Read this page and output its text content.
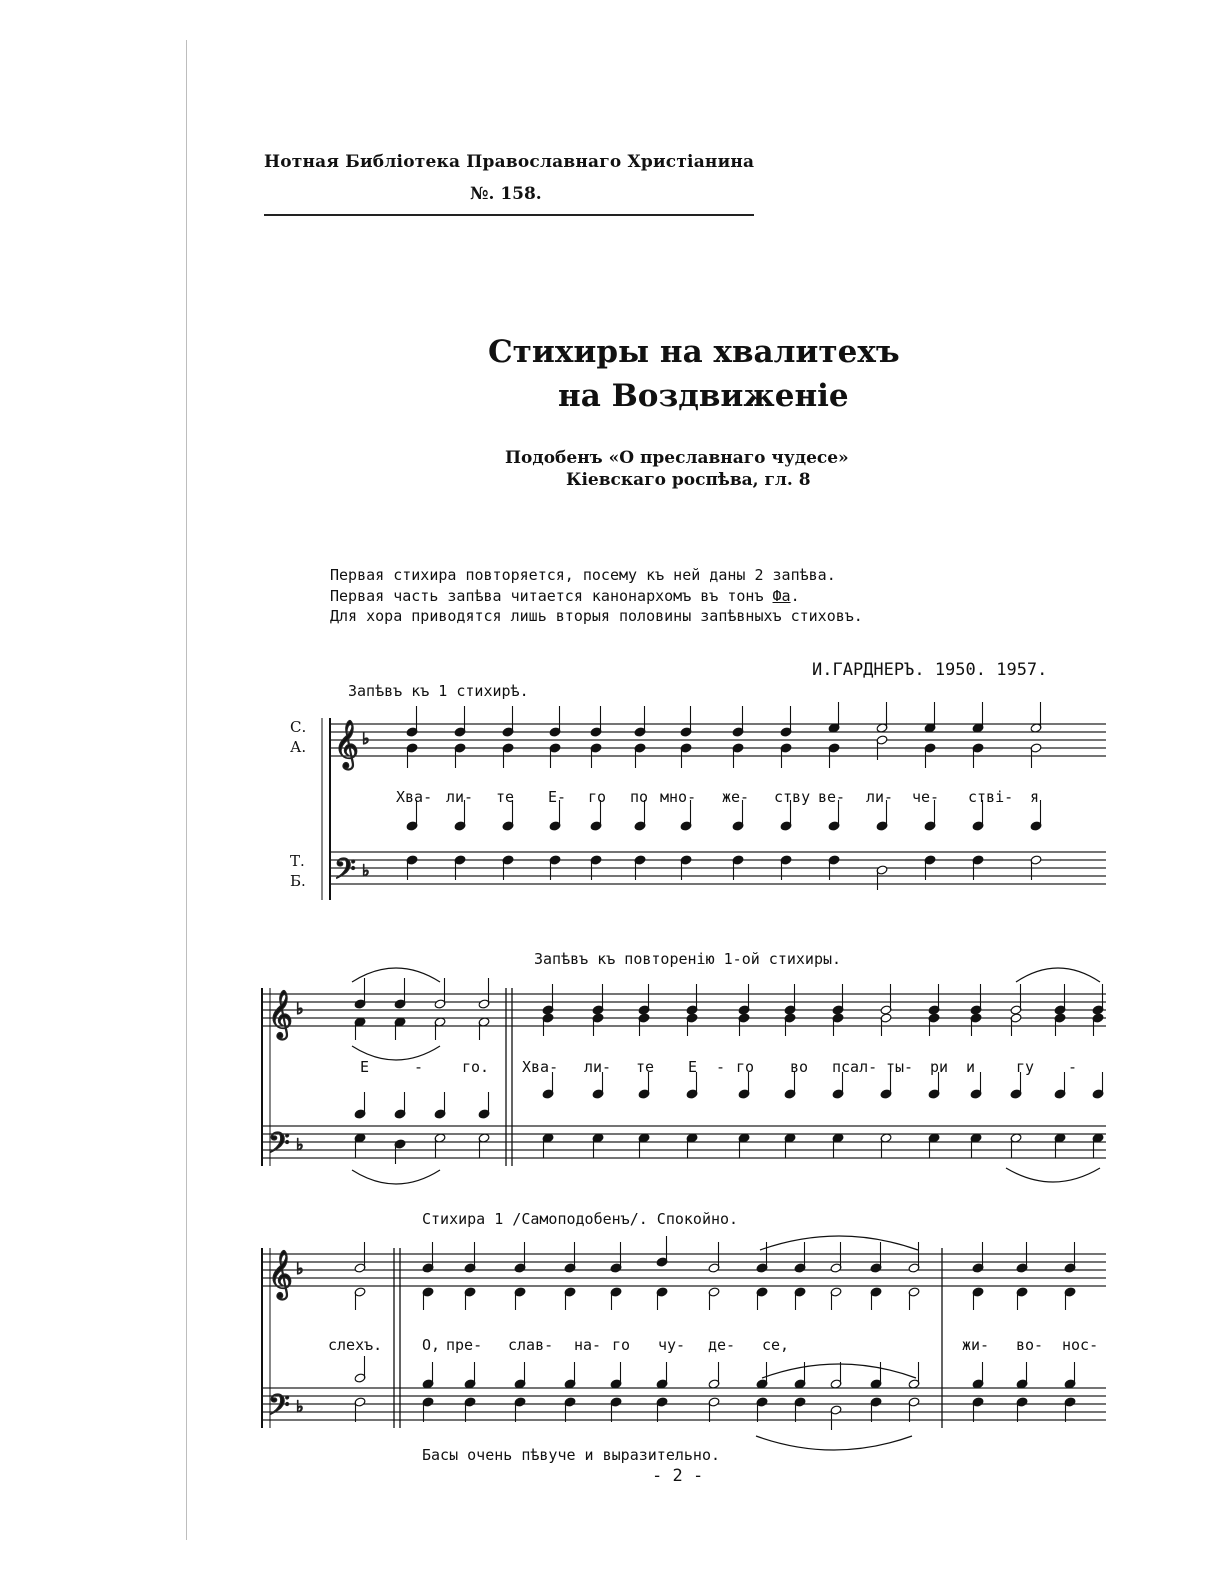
Нотная Библіотека Православнаго Христіанина
№. 158.
Стихиры на хвалитехъ
на Воздвиженіе
Подобенъ «О преславнаго чудесе»
Кіевскаго роспѣва, гл. 8
Первая стихира повторяется, посему къ ней даны 2 запѣва.
Первая часть запѣва читается канонархомъ въ тонъ Фа.
Для хора приводятся лишь вторыя половины запѣвныхъ стиховъ.
И.ГАРДНЕРЪ. 1950. 1957.
Запѣвъ къ 1 стихирѣ.
Запѣвъ къ повторенію 1-ой стихиры.
Стихира 1 /Самоподобенъ/. Спокойно.
С.
А.
Т.
Б.
𝄞
𝄢
♭
♭
𝄞
𝄢
♭
♭
𝄞
𝄢
♭
♭
Хва- ли- те Е- го по мно- же- ству ве- ли- че- ствi- я
Е	-	го. Хва- ли- те Е - го во псал- ты- ри и	гу -
слехъ.	О, пре- слав- на- го чу- де- се,	жи- во- нос-
Басы очень пѣвуче и выразительно.
- 2 -
